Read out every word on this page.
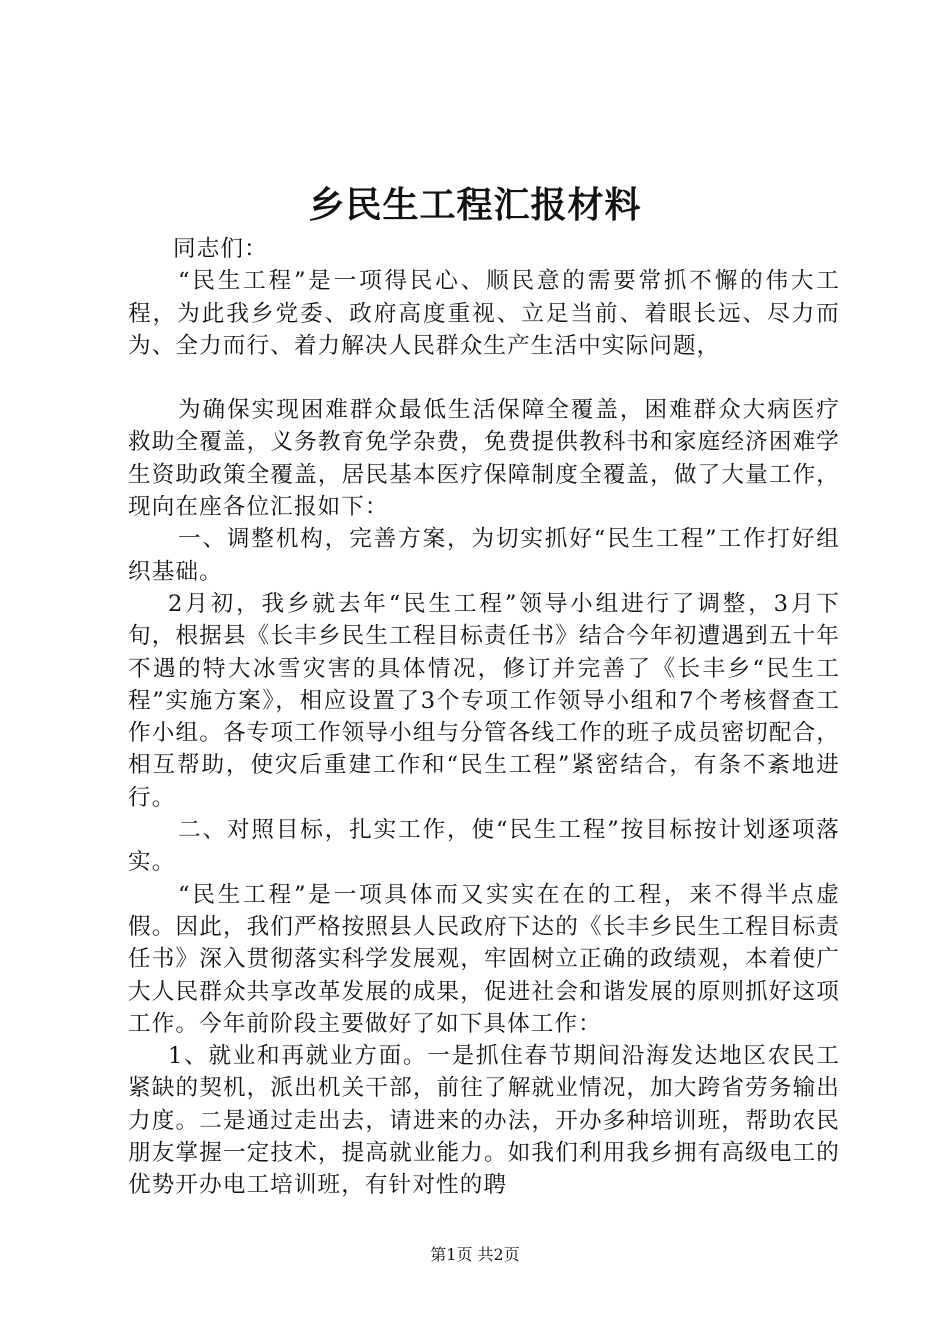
乡民生工程汇报材料

同志们：

“民生工程”是一项得民心、顺民意的需要常抓不懈的伟大工程，为此我乡党委、政府高度重视、立足当前、着眼长远、尽力而为、全力而行、着力解决人民群众生产生活中实际问题，

为确保实现困难群众最低生活保障全覆盖，困难群众大病医疗救助全覆盖，义务教育免学杂费，免费提供教科书和家庭经济困难学生资助政策全覆盖，居民基本医疗保障制度全覆盖，做了大量工作，现向在座各位汇报如下：

一、调整机构，完善方案，为切实抓好“民生工程”工作打好组织基础。

2月初，我乡就去年“民生工程”领导小组进行了调整，3月下旬，根据县《长丰乡民生工程目标责任书》结合今年初遭遇到五十年不遇的特大冰雪灾害的具体情况，修订并完善了《长丰乡“民生工程”实施方案》，相应设置了3个专项工作领导小组和7个考核督查工作小组。各专项工作领导小组与分管各线工作的班子成员密切配合，相互帮助，使灾后重建工作和“民生工程”紧密结合，有条不紊地进行。

二、对照目标，扎实工作，使“民生工程”按目标按计划逐项落实。

“民生工程”是一项具体而又实实在在的工程，来不得半点虚假。因此，我们严格按照县人民政府下达的《长丰乡民生工程目标责任书》深入贯彻落实科学发展观，牢固树立正确的政绩观，本着使广大人民群众共享改革发展的成果，促进社会和谐发展的原则抓好这项工作。今年前阶段主要做好了如下具体工作：

1、就业和再就业方面。一是抓住春节期间沿海发达地区农民工紧缺的契机，派出机关干部，前往了解就业情况，加大跨省劳务输出力度。二是通过走出去，请进来的办法，开办多种培训班，帮助农民朋友掌握一定技术，提高就业能力。如我们利用我乡拥有高级电工的优势开办电工培训班，有针对性的聘

第1页 共2页
